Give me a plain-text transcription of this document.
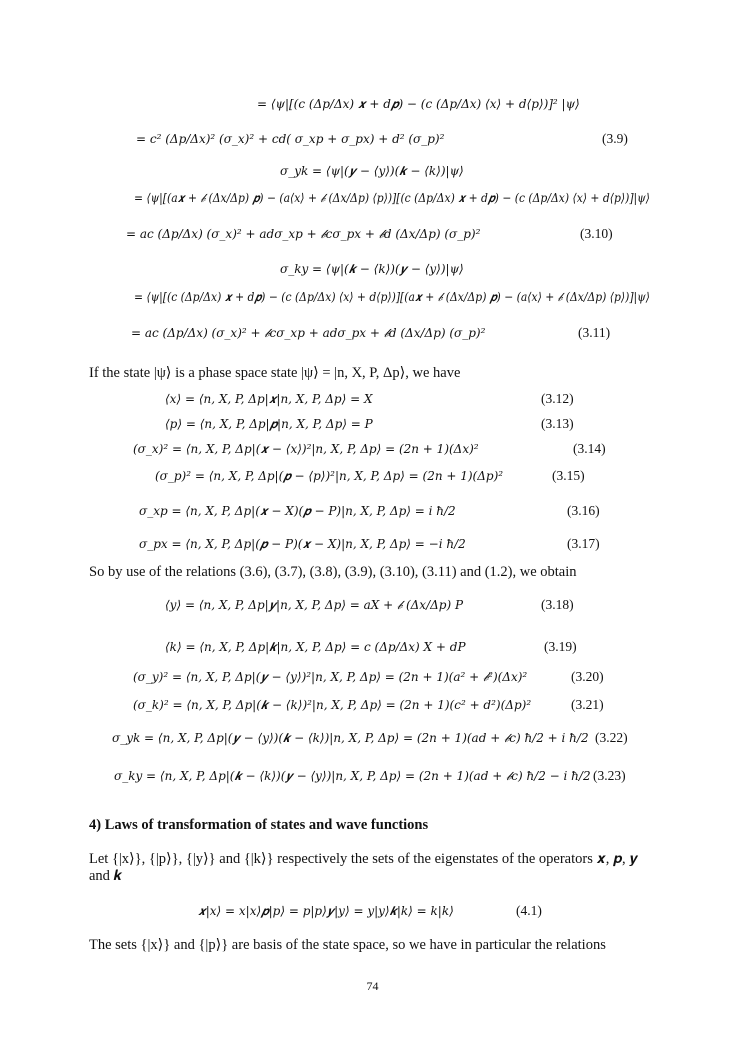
= ⟨ψ|[(c (Δp/Δx) 𝒙 + d𝒑) − (c (Δp/Δx) ⟨x⟩ + d⟨p⟩)]² |ψ⟩
= c² (Δp/Δx)² (σ_x)² + cd( σ_xp + σ_px) + d² (σ_p)²	(3.9)
σ_yk = ⟨ψ|(𝒚 − ⟨y⟩)(𝒌 − ⟨k⟩)|ψ⟩
= ⟨ψ|[(a𝒙 + 𝒷 (Δx/Δp) 𝒑) − (a⟨x⟩ + 𝒷 (Δx/Δp) ⟨p⟩)][(c (Δp/Δx) 𝒙 + d𝒑) − (c (Δp/Δx) ⟨x⟩ + d⟨p⟩)]|ψ⟩
= ac (Δp/Δx) (σ_x)² + adσ_xp + 𝒷cσ_px + 𝒷d (Δx/Δp) (σ_p)²	(3.10)
σ_ky = ⟨ψ|(𝒌 − ⟨k⟩)(𝒚 − ⟨y⟩)|ψ⟩
= ⟨ψ|[(c (Δp/Δx) 𝒙 + d𝒑) − (c (Δp/Δx) ⟨x⟩ + d⟨p⟩)][(a𝒙 + 𝒷 (Δx/Δp) 𝒑) − (a⟨x⟩ + 𝒷 (Δx/Δp) ⟨p⟩)]|ψ⟩
= ac (Δp/Δx) (σ_x)² + 𝒷cσ_xp + adσ_px + 𝒷d (Δx/Δp) (σ_p)²	(3.11)
If the state |ψ⟩ is a phase space state |ψ⟩ = |n, X, P, Δp⟩, we have
⟨x⟩ = ⟨n, X, P, Δp|𝒙|n, X, P, Δp⟩ = X	(3.12)
⟨p⟩ = ⟨n, X, P, Δp|𝒑|n, X, P, Δp⟩ = P	(3.13)
(σ_x)² = ⟨n, X, P, Δp|(𝒙 − ⟨x⟩)²|n, X, P, Δp⟩ = (2n + 1)(Δx)²	(3.14)
(σ_p)² = ⟨n, X, P, Δp|(𝒑 − ⟨p⟩)²|n, X, P, Δp⟩ = (2n + 1)(Δp)²	(3.15)
σ_xp = ⟨n, X, P, Δp|(𝒙 − X)(𝒑 − P)|n, X, P, Δp⟩ = i ħ/2	(3.16)
σ_px = ⟨n, X, P, Δp|(𝒑 − P)(𝒙 − X)|n, X, P, Δp⟩ = −i ħ/2	(3.17)
So by use of the relations (3.6), (3.7), (3.8), (3.9), (3.10), (3.11) and (1.2), we obtain
⟨y⟩ = ⟨n, X, P, Δp|𝒚|n, X, P, Δp⟩ = aX + 𝒷 (Δx/Δp) P	(3.18)
⟨k⟩ = ⟨n, X, P, Δp|𝒌|n, X, P, Δp⟩ = c (Δp/Δx) X + dP	(3.19)
(σ_y)² = ⟨n, X, P, Δp|(𝒚 − ⟨y⟩)²|n, X, P, Δp⟩ = (2n + 1)(a² + 𝒷²)(Δx)²	(3.20)
(σ_k)² = ⟨n, X, P, Δp|(𝒌 − ⟨k⟩)²|n, X, P, Δp⟩ = (2n + 1)(c² + d²)(Δp)²	(3.21)
σ_yk = ⟨n, X, P, Δp|(𝒚 − ⟨y⟩)(𝒌 − ⟨k⟩)|n, X, P, Δp⟩ = (2n + 1)(ad + 𝒷c) ħ/2 + i ħ/2 (3.22)
σ_ky = ⟨n, X, P, Δp|(𝒌 − ⟨k⟩)(𝒚 − ⟨y⟩)|n, X, P, Δp⟩ = (2n + 1)(ad + 𝒷c) ħ/2 − i ħ/2 (3.23)
4) Laws of transformation of states and wave functions
Let {|x⟩}, {|p⟩}, {|y⟩} and {|k⟩} respectively the sets of the eigenstates of the operators 𝒙, 𝒑, 𝒚
and 𝒌
𝒙|x⟩ = x|x⟩𝒑|p⟩ = p|p⟩𝒚|y⟩ = y|y⟩𝒌|k⟩ = k|k⟩	(4.1)
The sets {|x⟩} and {|p⟩} are basis of the state space, so we have in particular the relations
74
